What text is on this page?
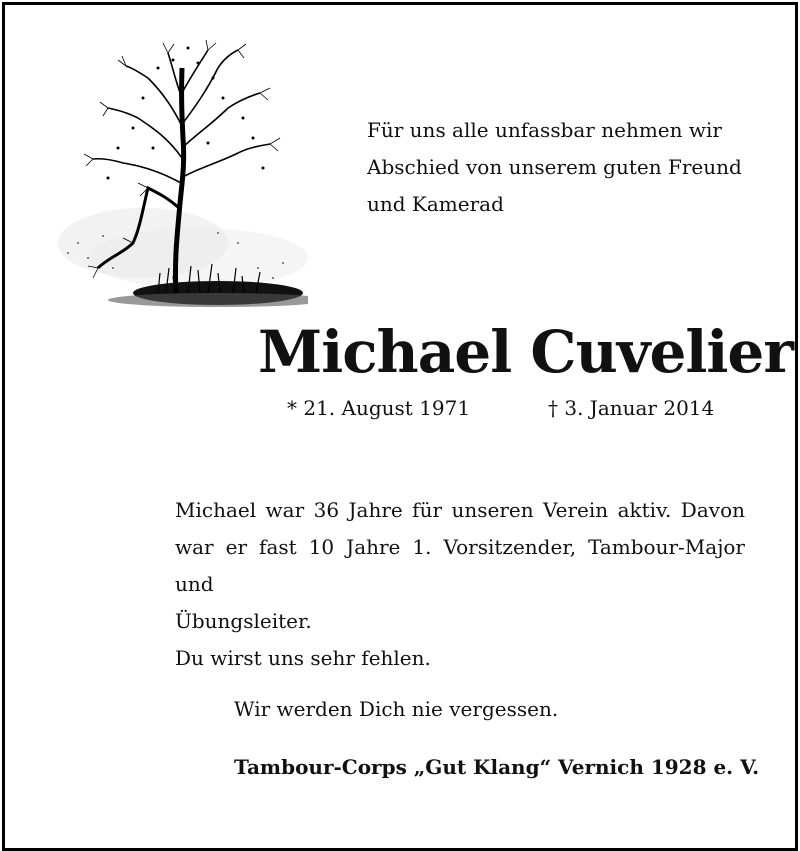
Für uns alle unfassbar nehmen wir
Abschied von unserem guten Freund
und Kamerad
Michael Cuvelier
* 21. August 1971	† 3. Januar 2014
Michael war 36 Jahre für unseren Verein aktiv. Davon
war er fast 10 Jahre 1. Vorsitzender, Tambour-Major und
Übungsleiter.
Du wirst uns sehr fehlen.
Wir werden Dich nie vergessen.
Tambour-Corps „Gut Klang“ Vernich 1928 e. V.
